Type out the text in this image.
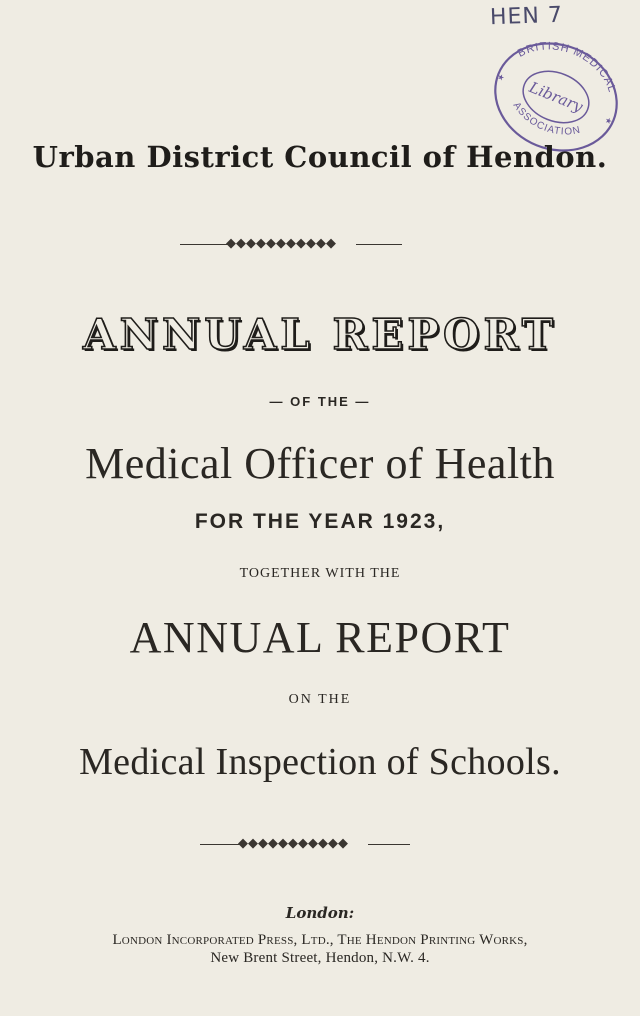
HEN 7
BRITISH MEDICAL
ASSOCIATION
Library
★
★
Urban District Council of Hendon.
◆◆◆◆◆◆◆◆◆◆◆
ANNUAL REPORT
— OF THE —
Medical Officer of Health
FOR THE YEAR 1923,
TOGETHER WITH THE
ANNUAL REPORT
ON THE
Medical Inspection of Schools.
◆◆◆◆◆◆◆◆◆◆◆
London:
London Incorporated Press, Ltd., The Hendon Printing Works,
New Brent Street, Hendon, N.W. 4.
